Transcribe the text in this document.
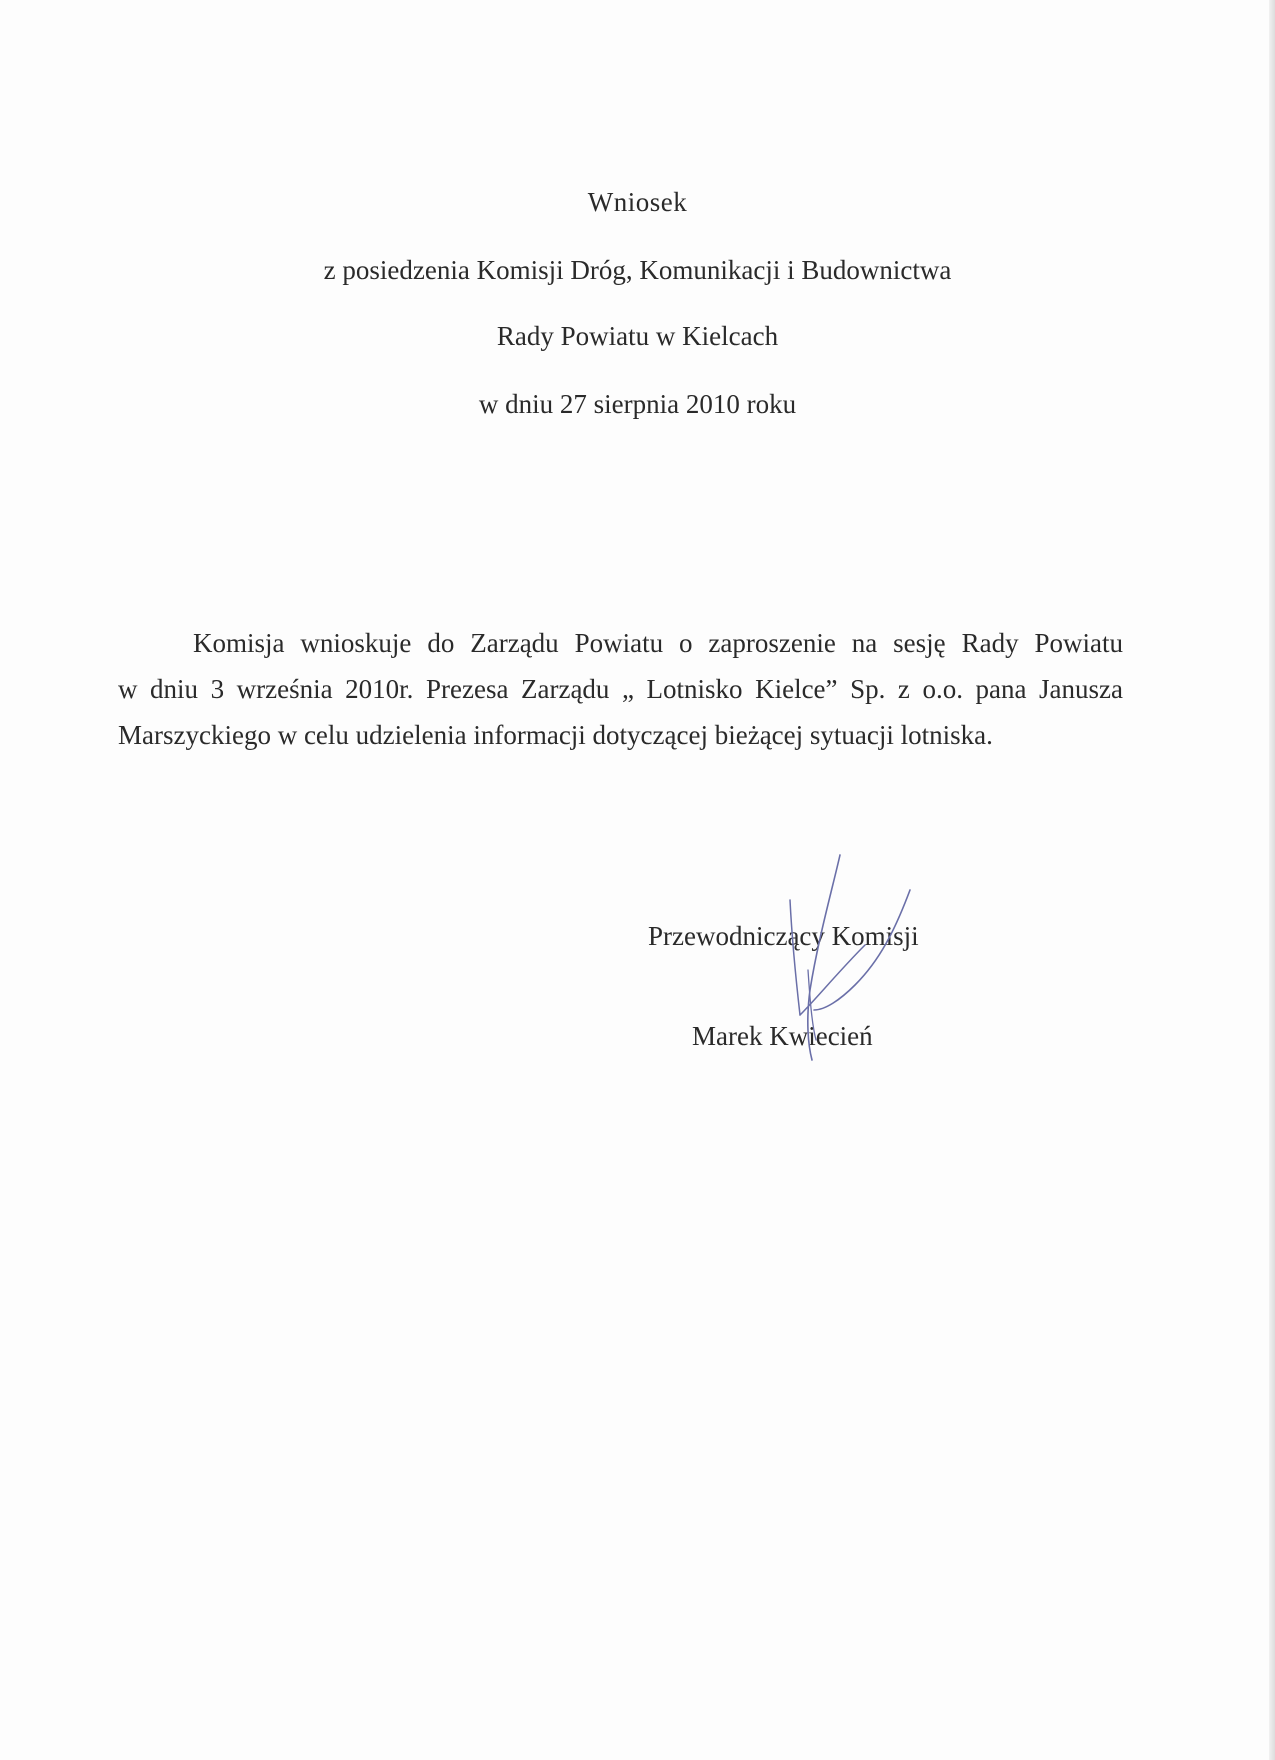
Wniosek
z posiedzenia Komisji Dróg, Komunikacji i Budownictwa
Rady Powiatu w Kielcach
w dniu 27 sierpnia 2010 roku
Komisja wnioskuje do Zarządu Powiatu o zaproszenie na sesję Rady Powiatu
w dniu 3 września 2010r. Prezesa Zarządu „ Lotnisko Kielce” Sp. z o.o. pana Janusza
Marszyckiego w celu udzielenia informacji dotyczącej bieżącej sytuacji lotniska.
Przewodniczący Komisji
Marek Kwiecień
